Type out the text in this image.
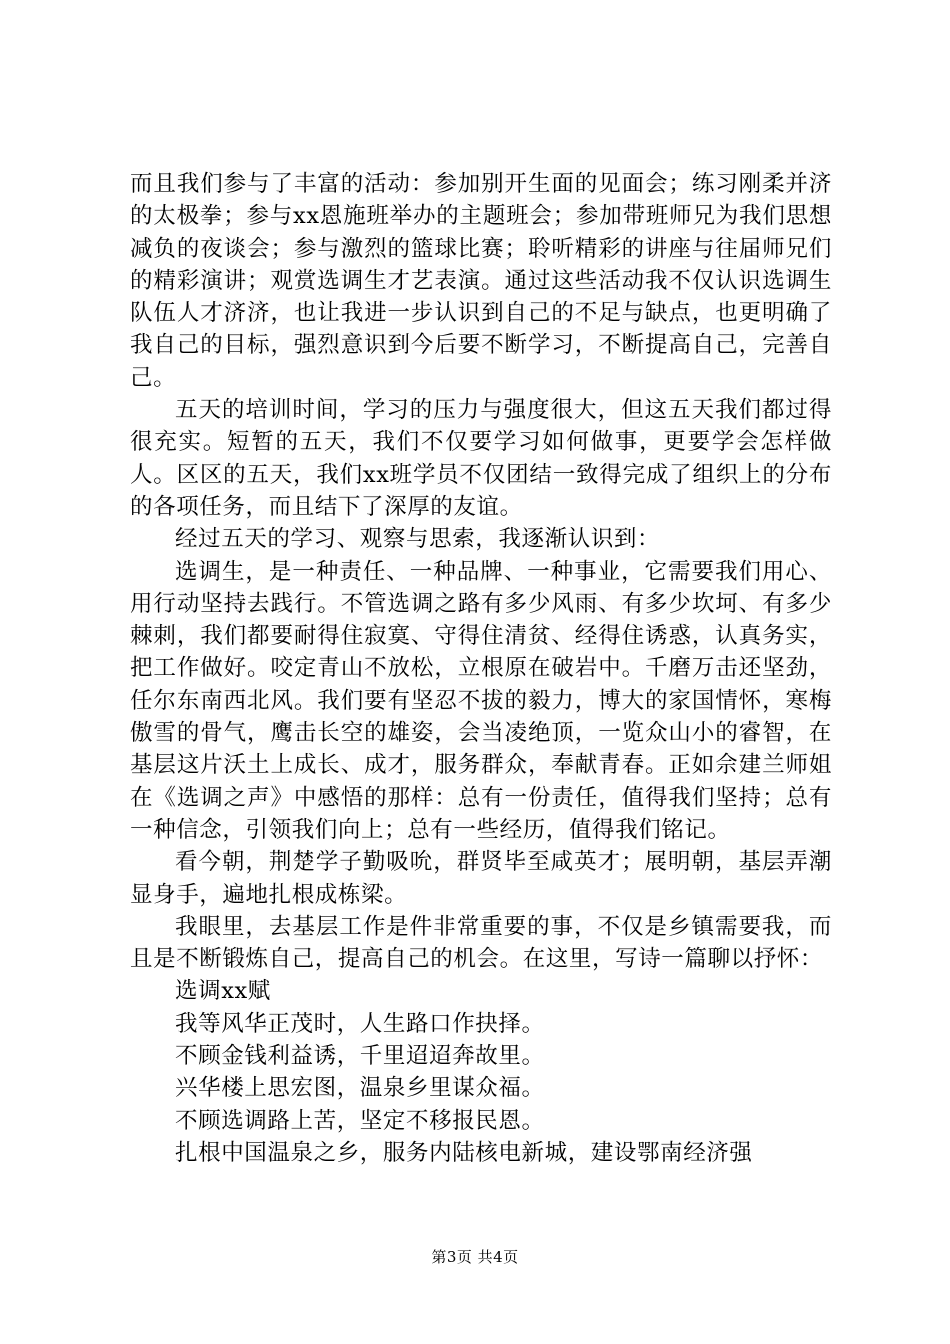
而且我们参与了丰富的活动：参加别开生面的见面会；练习刚柔并济的太极拳；参与xx恩施班举办的主题班会；参加带班师兄为我们思想减负的夜谈会；参与激烈的篮球比赛；聆听精彩的讲座与往届师兄们的精彩演讲；观赏选调生才艺表演。通过这些活动我不仅认识选调生队伍人才济济，也让我进一步认识到自己的不足与缺点，也更明确了我自己的目标，强烈意识到今后要不断学习，不断提高自己，完善自己。

五天的培训时间，学习的压力与强度很大，但这五天我们都过得很充实。短暂的五天，我们不仅要学习如何做事，更要学会怎样做人。区区的五天，我们xx班学员不仅团结一致得完成了组织上的分布的各项任务，而且结下了深厚的友谊。

经过五天的学习、观察与思索，我逐渐认识到：

选调生，是一种责任、一种品牌、一种事业，它需要我们用心、用行动坚持去践行。不管选调之路有多少风雨、有多少坎坷、有多少棘刺，我们都要耐得住寂寞、守得住清贫、经得住诱惑，认真务实，把工作做好。咬定青山不放松，立根原在破岩中。千磨万击还坚劲，任尔东南西北风。我们要有坚忍不拔的毅力，博大的家国情怀，寒梅傲雪的骨气，鹰击长空的雄姿，会当凌绝顶，一览众山小的睿智，在基层这片沃土上成长、成才，服务群众，奉献青春。正如佘建兰师姐在《选调之声》中感悟的那样：总有一份责任，值得我们坚持；总有一种信念，引领我们向上；总有一些经历，值得我们铭记。

看今朝，荆楚学子勤吸吮，群贤毕至咸英才；展明朝，基层弄潮显身手，遍地扎根成栋梁。

我眼里，去基层工作是件非常重要的事，不仅是乡镇需要我，而且是不断锻炼自己，提高自己的机会。在这里，写诗一篇聊以抒怀：

选调xx赋

我等风华正茂时，人生路口作抉择。

不顾金钱利益诱，千里迢迢奔故里。

兴华楼上思宏图，温泉乡里谋众福。

不顾选调路上苦，坚定不移报民恩。

扎根中国温泉之乡，服务内陆核电新城，建设鄂南经济强

第3页 共4页
